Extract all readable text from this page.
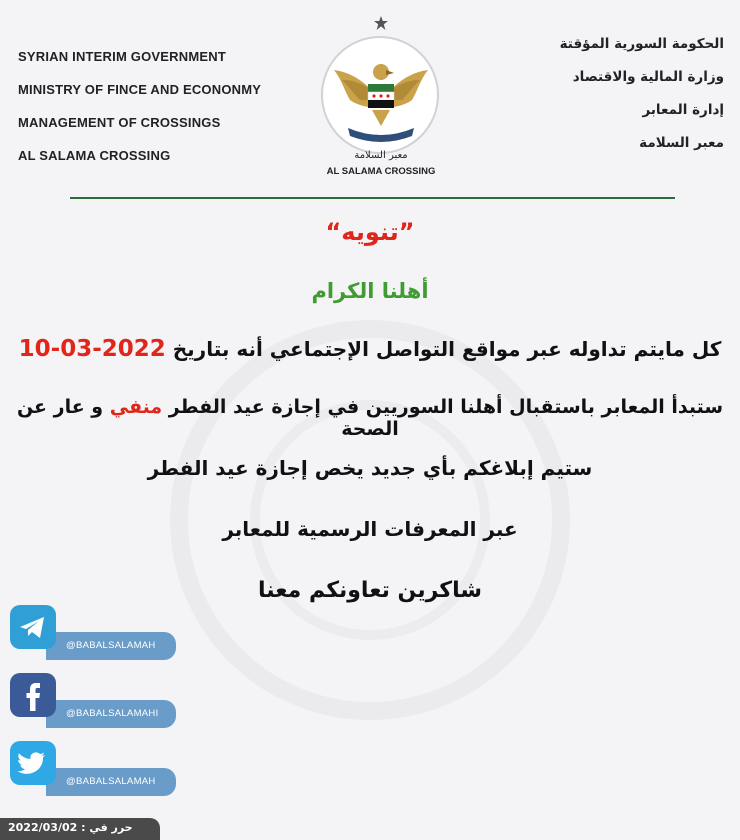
SYRIAN INTERIM GOVERNMENT
MINISTRY OF FINCE AND ECONONMY
MANAGEMENT OF CROSSINGS
AL SALAMA CROSSING
الحكومة السورية المؤقتة
وزارة المالية والاقتصاد
إدارة المعابر
معبر السلامة
معبر السلامة
AL SALAMA CROSSING
”تنويه“
أهلنا الكرام
كل مايتم تداوله عبر مواقع التواصل الإجتماعي أنه بتاريخ 10-03-2022
ستبدأ المعابر باستقبال أهلنا السوريين في إجازة عيد الفطر منفي و عار عن الصحة
ستيم إبلاغكم بأي جديد يخص إجازة عيد الفطر
عبر المعرفات الرسمية للمعابر
شاكرين تعاونكم معنا
@BABALSALAMAH
@BABALSALAMAHI
@BABALSALAMAH
حرر في : 2022/03/02
